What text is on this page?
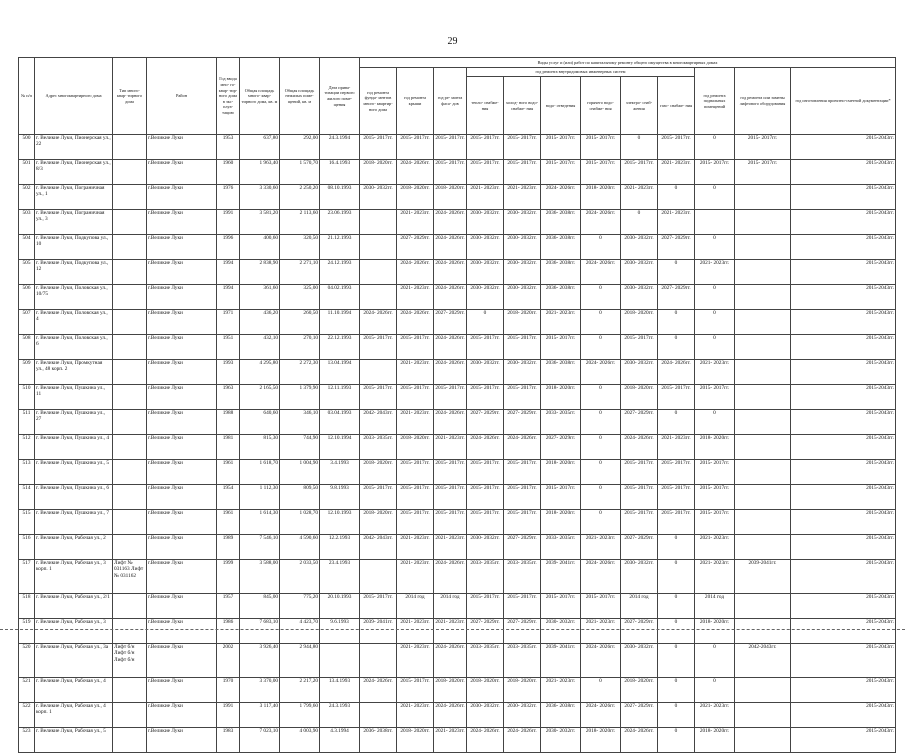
29
№ п/п	Адрес многоквартирного дома	Тип много- квар- тирного дома	Район	Год ввода мно- го- квар- тир- ного дома в экс- плуа- тацию	Общая площадь много- квар- тирного дома, кв. м	Общая площадь нежилых поме- щений, кв. м	Дата прива- тизации первого жилого поме- щения	Виды услуг и (или) работ по капитальному ремонту общего имущества в многоквартирных домах											
								год ремонта фунда- ментов много- квартир- ного дома	год ремонта крыши	год ре- монта фаса- дов	год ремонта внутридомовых инженерных систем						год ремонта подвальных помещений	год ремонта или замены лифтового оборудования	год изготовления проектно-сметной документации*
											тепло- снабже- ния	холод- ного водо- снабже- ния	водо- отведения	горячего водо- снабже- ния	электро- снаб- жения	газо- снабже- ния			
500	г. Великие Луки, Пионерская ул., 22		г.Великие Луки	1953	637,80	292,00	24.3.1994	2015- 2017гг.	2015- 2017гг.	2015- 2017гг.	2015- 2017гг.	2015- 2017гг.	2015- 2017гг.	2015- 2017гг.	0	2015- 2017гг.	0	2015- 2017гг.	2015-2043гг.
501	г. Великие Луки, Пионерская ул., 8/3		г.Великие Луки	1960	1 963,40	1 570,70	16.4.1993	2018- 2020гг.	2024- 2026гг.	2015- 2017гг.	2015- 2017гг.	2015- 2017гг.	2015- 2017гг.	2015- 2017гг.	2015- 2017гг.	2021- 2023гг.	2015- 2017гг.	2015- 2017гг.	2015-2043гг.
502	г. Великие Луки, Пограничная ул., 1		г.Великие Луки	1976	3 330,60	2 250,20	08.10.1993	2030- 2032гг.	2018- 2020гг.	2018- 2020гг.	2021- 2023гг.	2021- 2023гг.	2024- 2026гг.	2018- 2020гг.	2021- 2023гг.	0	0		2015-2043гг.
503	г. Великие Луки, Пограничная ул., 3		г.Великие Луки	1991	3 581,20	2 113,60	23.06.1993		2021- 2023гг.	2024- 2026гг.	2030- 2032гг.	2030- 2032гг.	2036- 2038гг.	2024- 2026гг.	0	2021- 2023гг.			2015-2043гг.
504	г. Великие Луки, Подкупова ул., 10		г.Великие Луки	1996	400,60	320,50	21.12.1993		2027- 2029гг.	2024- 2026гг.	2030- 2032гг.	2030- 2032гг.	2036- 2038гг.	0	2030- 2032гг.	2027- 2029гг.	0		2015-2043гг.
505	г. Великие Луки, Подкупова ул., 12		г.Великие Луки	1994	2 838,90	2 271,10	24.12.1993		2024- 2026гг.	2024- 2026гг.	2030- 2032гг.	2030- 2032гг.	2036- 2038гг.	2024- 2026гг.	2030- 2032гг.	0	2021- 2023гг.		2015-2043гг.
506	г. Великие Луки, Половская ул., 10/75		г.Великие Луки	1994	361,60	325,00	04.02.1993		2021- 2023гг.	2024- 2026гг.	2030- 2032гг.	2030- 2032гг.	2036- 2038гг.	0	2030- 2032гг.	2027- 2029гг.	0		2015-2043гг.
507	г. Великие Луки, Половская ул., 4		г.Великие Луки	1971	436,20	260,50	11.10.1994	2024- 2026гг.	2024- 2026гг.	2027- 2029гг.	0	2018- 2020гг.	2021- 2023гг.	0	2018- 2020гг.	0	0		2015-2043гг.
508	г. Великие Луки, Половская ул., 6		г.Великие Луки	1951	432,10	270,10	22.12.1993	2015- 2017гг.	2015- 2017гг.	2024- 2026гг.	2015- 2017гг.	2015- 2017гг.	2015- 2017гг.	0	2015- 2017гг.	0	0		2015-2043гг.
509	г. Великие Луки, Промкутная ул., 48 корп. 2		г.Великие Луки	1993	4 295,80	2 272,30	13.04.1994		2021- 2023гг.	2024- 2026гг.	2030- 2032гг.	2030- 2032гг.	2036- 2038гг.	2024- 2026гг.	2030- 2032гг.	2024- 2026гг.	2021- 2023гг.		2015-2043гг.
510	г. Великие Луки, Пушкина ул., 11		г.Великие Луки	1963	2 165,50	1 379,90	12.11.1993	2015- 2017гг.	2015- 2017гг.	2015- 2017гг.	2015- 2017гг.	2015- 2017гг.	2018- 2020гг.	0	2018- 2020гг.	2015- 2017гг.	2015- 2017гг.		2015-2043гг.
511	г. Великие Луки, Пушкина ул., 27		г.Великие Луки	1988	640,60	346,10	03.04.1993	2042- 2043гг.	2021- 2023гг.	2024- 2026гг.	2027- 2029гг.	2027- 2029гг.	2033- 2035гг.	0	2027- 2029гг.	0	0		2015-2043гг.
512	г. Великие Луки, Пушкина ул., 4		г.Великие Луки	1981	815,30	744,90	12.10.1994	2033- 2035гг.	2018- 2020гг.	2021- 2023гг.	2024- 2026гг.	2024- 2026гг.	2027- 2029гг.	0	2024- 2026гг.	2021- 2023гг.	2018- 2020гг.		2015-2043гг.
513	г. Великие Луки, Пушкина ул., 5		г.Великие Луки	1961	1 618,70	1 004,90	3.4.1993	2018- 2020гг.	2015- 2017гг.	2015- 2017гг.	2015- 2017гг.	2015- 2017гг.	2018- 2020гг.	0	2015- 2017гг.	2015- 2017гг.	2015- 2017гг.		2015-2043гг.
514	г. Великие Луки, Пушкина ул., 6		г.Великие Луки	1954	1 112,30	809,50	9.8.1993	2015- 2017гг.	2015- 2017гг.	2015- 2017гг.	2015- 2017гг.	2015- 2017гг.	2015- 2017гг.	0	2015- 2017гг.	2015- 2017гг.	2015- 2017гг.		2015-2043гг.
515	г. Великие Луки, Пушкина ул., 7		г.Великие Луки	1961	1 614,30	1 028,70	12.10.1993	2018- 2020гг.	2015- 2017гг.	2015- 2017гг.	2015- 2017гг.	2015- 2017гг.	2018- 2020гг.	0	2015- 2017гг.	2015- 2017гг.	2015- 2017гг.		2015-2043гг.
516	г. Великие Луки, Рабочая ул., 2		г.Великие Луки	1989	7 546,10	4 590,60	12.2.1993	2042- 2043гг.	2021- 2023гг.	2021- 2023гг.	2030- 2032гг.	2027- 2029гг.	2033- 2035гг.	2021- 2023гг.	2027- 2029гг.	0	2021- 2023гг.		2015-2043гг.
517	г. Великие Луки, Рабочая ул., 3 корп. 1	Лифт № 031163 Лифт № 031162	г.Великие Луки	1999	3 588,00	2 033,50	23.4.1993		2021- 2023гг.	2024- 2026гг.	2033- 2035гг.	2033- 2035гг.	2039- 2041гг.	2024- 2026гг.	2030- 2032гг.	0	2021- 2023гг.	2039-2041гг.	2015-2043гг.
518	г. Великие Луки, Рабочая ул., 2/1		г.Великие Луки	1957	845,00	775,20	20.10.1993	2015- 2017гг.	2014 год	2014 год	2015- 2017гг.	2015- 2017гг.	2015- 2017гг.	2015- 2017гг.	2014 год	0	2014 год		2015-2043гг.
519	г. Великие Луки, Рабочая ул., 3		г.Великие Луки	1986	7 683,10	4 423,70	9.6.1993	2039- 2041гг.	2021- 2023гг.	2021- 2023гг.	2027- 2029гг.	2027- 2029гг.	2030- 2032гг.	2021- 2023гг.	2027- 2029гг.	0	2018- 2020гг.		2015-2043гг.
520	г. Великие Луки, Рабочая ул., 3а	Лифт б/н Лифт б/н Лифт б/н	г.Великие Луки	2002	3 926,40	2 944,80			2021- 2023гг.	2024- 2026гг.	2033- 2035гг.	2033- 2035гг.	2039- 2041гг.	2024- 2026гг.	2030- 2032гг.	0	0	2042-2043гг.	2015-2043гг.
521	г. Великие Луки, Рабочая ул., 4		г.Великие Луки	1970	3 370,00	2 217,20	13.4.1993	2024- 2026гг.	2015- 2017гг.	2018- 2020гг.	2018- 2020гг.	2018- 2020гг.	2021- 2023гг.	0	2018- 2020гг.	0	0		2015-2043гг.
522	г. Великие Луки, Рабочая ул., 4 корп. 1		г.Великие Луки	1991	3 117,40	1 799,60	24.3.1993		2021- 2023гг.	2024- 2026гг.	2030- 2032гг.	2030- 2032гг.	2036- 2038гг.	2024- 2026гг.	2027- 2029гг.	0	2021- 2023гг.		2015-2043гг.
523	г. Великие Луки, Рабочая ул., 5		г.Великие Луки	1983	7 023,10	4 003,90	4.3.1994	2036- 2038гг.	2018- 2020гг.	2021- 2023гг.	2024- 2026гг.	2024- 2026гг.	2030- 2032гг.	2018- 2020гг.	2024- 2026гг.	0	2018- 2020гг.		2015-2043гг.
